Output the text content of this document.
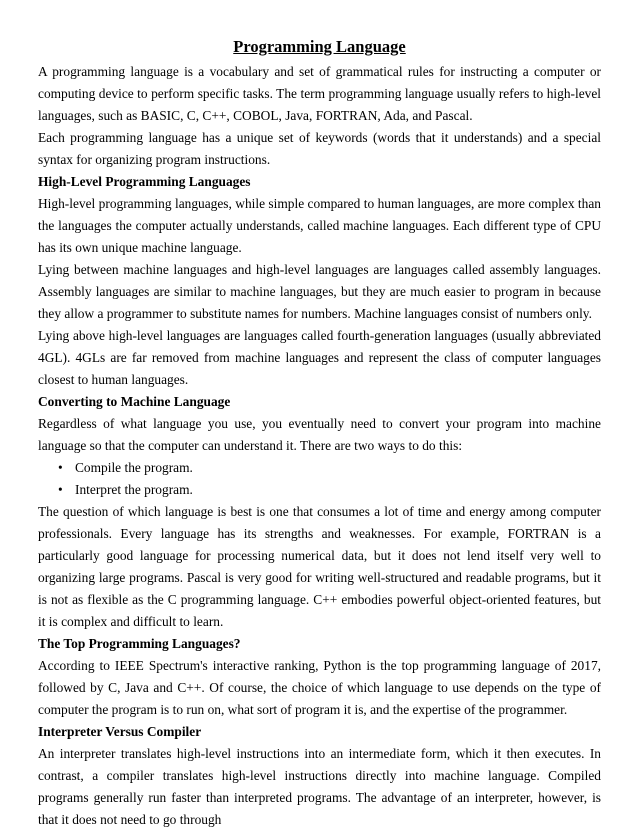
Programming Language

A programming language is a vocabulary and set of grammatical rules for instructing a computer or computing device to perform specific tasks. The term programming language usually refers to high-level languages, such as BASIC, C, C++, COBOL, Java, FORTRAN, Ada, and Pascal.

Each programming language has a unique set of keywords (words that it understands) and a special syntax for organizing program instructions.

High-Level Programming Languages

High-level programming languages, while simple compared to human languages, are more complex than the languages the computer actually understands, called machine languages. Each different type of CPU has its own unique machine language.

Lying between machine languages and high-level languages are languages called assembly languages. Assembly languages are similar to machine languages, but they are much easier to program in because they allow a programmer to substitute names for numbers. Machine languages consist of numbers only.

Lying above high-level languages are languages called fourth-generation languages (usually abbreviated 4GL). 4GLs are far removed from machine languages and represent the class of computer languages closest to human languages.

Converting to Machine Language

Regardless of what language you use, you eventually need to convert your program into machine language so that the computer can understand it. There are two ways to do this:

• Compile the program.
• Interpret the program.

The question of which language is best is one that consumes a lot of time and energy among computer professionals. Every language has its strengths and weaknesses. For example, FORTRAN is a particularly good language for processing numerical data, but it does not lend itself very well to organizing large programs. Pascal is very good for writing well-structured and readable programs, but it is not as flexible as the C programming language. C++ embodies powerful object-oriented features, but it is complex and difficult to learn.

The Top Programming Languages?

According to IEEE Spectrum's interactive ranking, Python is the top programming language of 2017, followed by C, Java and C++. Of course, the choice of which language to use depends on the type of computer the program is to run on, what sort of program it is, and the expertise of the programmer.

Interpreter Versus Compiler

An interpreter translates high-level instructions into an intermediate form, which it then executes. In contrast, a compiler translates high-level instructions directly into machine language. Compiled programs generally run faster than interpreted programs. The advantage of an interpreter, however, is that it does not need to go through
